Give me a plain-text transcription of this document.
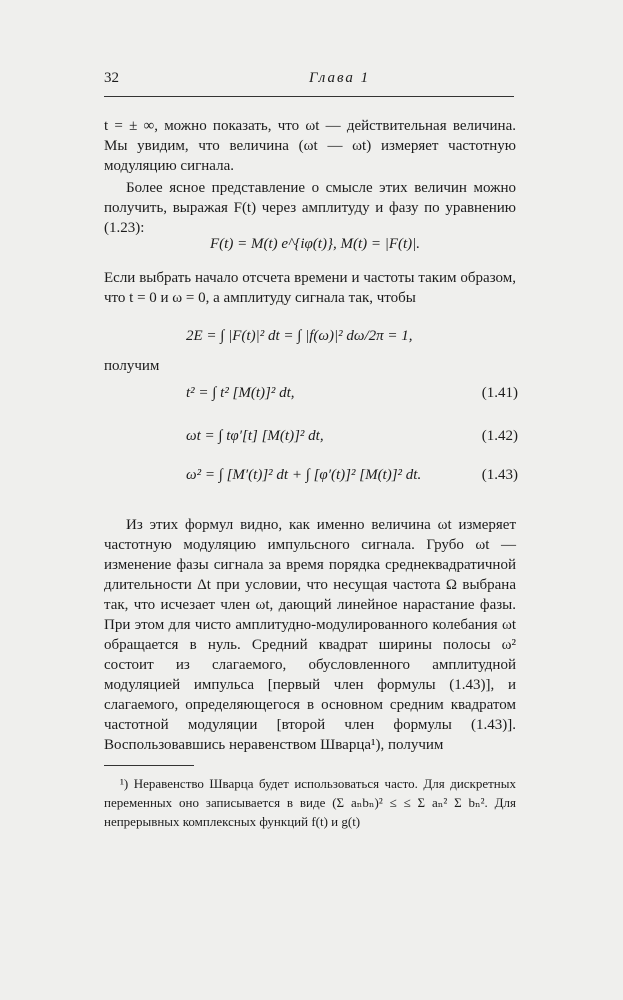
32	Глава 1
t = ± ∞, можно показать, что ωt — действительная величина. Мы увидим, что величина (ωt — ωt) измеряет частотную модуляцию сигнала.
Более ясное представление о смысле этих величин можно получить, выражая F(t) через амплитуду и фазу по уравнению (1.23):
F(t) = M(t) e^{iφ(t)}, M(t) = |F(t)|.
Если выбрать начало отсчета времени и частоты таким образом, что t = 0 и ω = 0, а амплитуду сигнала так, чтобы
2E = ∫ |F(t)|² dt = ∫ |f(ω)|² dω/2π = 1,
получим
t² = ∫ t² [M(t)]² dt,	(1.41)
ωt = ∫ tφ′[t] [M(t)]² dt,	(1.42)
ω² = ∫ [M′(t)]² dt + ∫ [φ′(t)]² [M(t)]² dt.	(1.43)
Из этих формул видно, как именно величина ωt измеряет частотную модуляцию импульсного сигнала. Грубо ωt — изменение фазы сигнала за время порядка среднеквадратичной длительности Δt при условии, что несущая частота Ω выбрана так, что исчезает член ωt, дающий линейное нарастание фазы. При этом для чисто амплитудно-модулированного колебания ωt обращается в нуль. Средний квадрат ширины полосы ω² состоит из слагаемого, обусловленного амплитудной модуляцией импульса [первый член формулы (1.43)], и слагаемого, определяющегося в основном средним квадратом частотной модуляции [второй член формулы (1.43)]. Воспользовавшись неравенством Шварца¹), получим
¹) Неравенство Шварца будет использоваться часто. Для дискретных переменных оно записывается в виде (Σ aₙbₙ)² ≤ ≤ Σ aₙ² Σ bₙ². Для непрерывных комплексных функций f(t) и g(t)
